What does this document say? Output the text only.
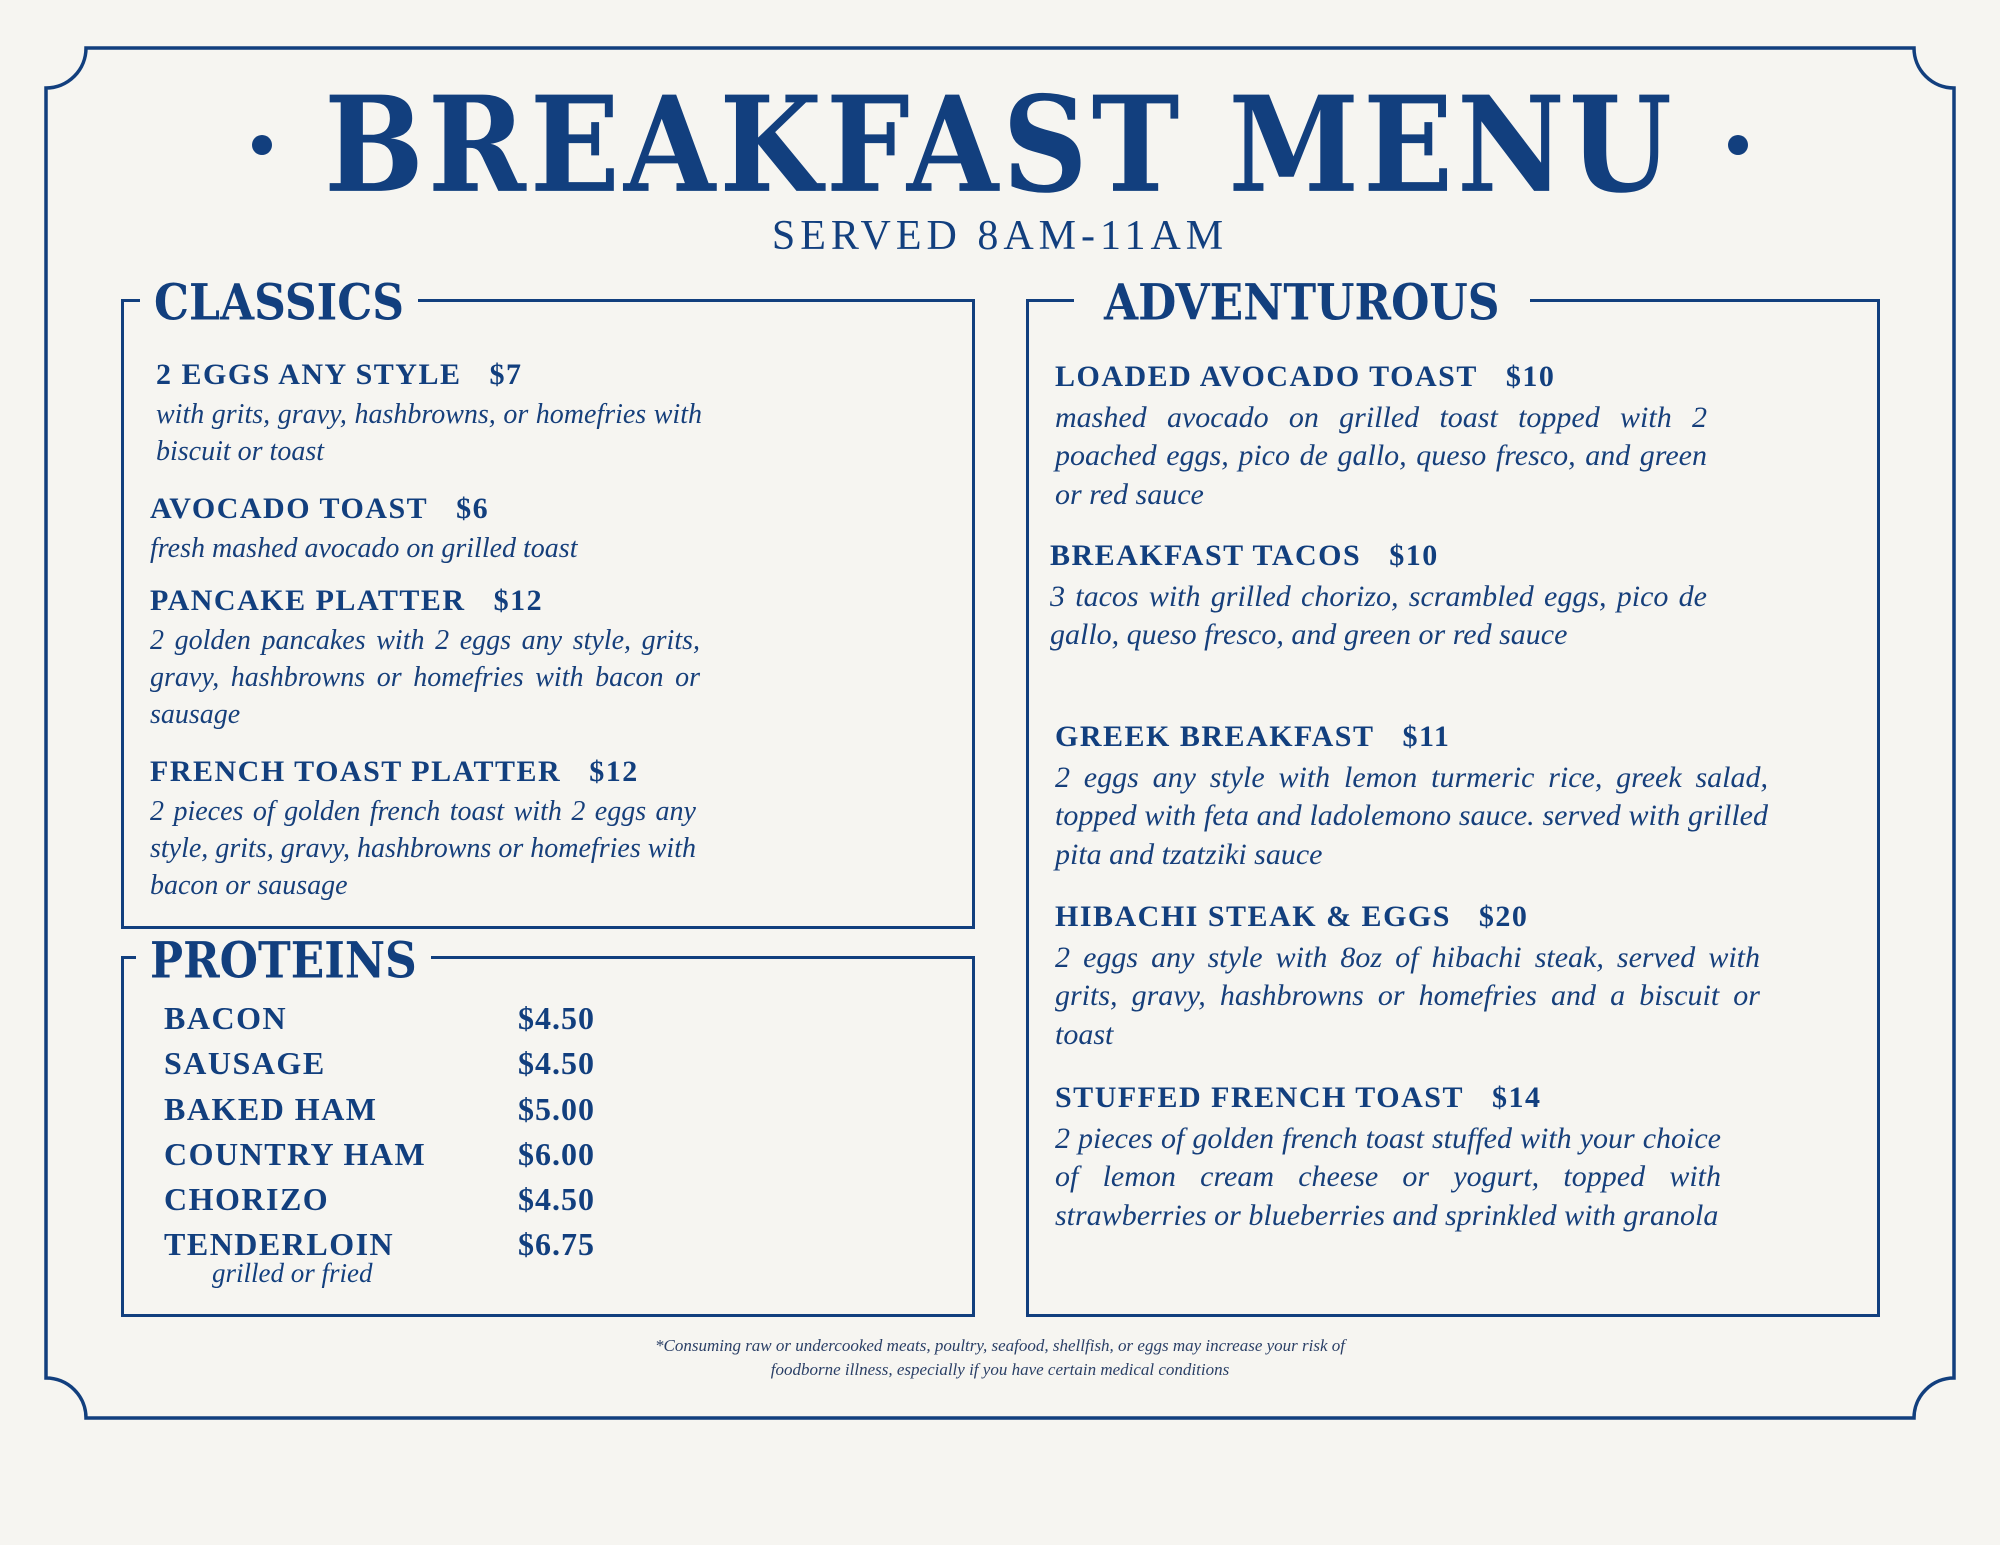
BREAKFAST MENU
SERVED 8AM-11AM
CLASSICS
2 EGGS ANY STYLE $7
with grits, gravy, hashbrowns, or homefries with biscuit or toast
AVOCADO TOAST $6
fresh mashed avocado on grilled toast
PANCAKE PLATTER $12
2 golden pancakes with 2 eggs any style, grits, gravy, hashbrowns or homefries with bacon or sausage
FRENCH TOAST PLATTER $12
2 pieces of golden french toast with 2 eggs any style, grits, gravy, hashbrowns or homefries with bacon or sausage
PROTEINS
BACON	$4.50
SAUSAGE	$4.50
BAKED HAM	$5.00
COUNTRY HAM	$6.00
CHORIZO	$4.50
TENDERLOIN	$6.75
grilled or fried
ADVENTUROUS
LOADED AVOCADO TOAST $10
mashed avocado on grilled toast topped with 2 poached eggs, pico de gallo, queso fresco, and green or red sauce
BREAKFAST TACOS $10
3 tacos with grilled chorizo, scrambled eggs, pico de gallo, queso fresco, and green or red sauce
GREEK BREAKFAST $11
2 eggs any style with lemon turmeric rice, greek salad, topped with feta and ladolemono sauce. served with grilled pita and tzatziki sauce
HIBACHI STEAK & EGGS $20
2 eggs any style with 8oz of hibachi steak, served with grits, gravy, hashbrowns or homefries and a biscuit or toast
STUFFED FRENCH TOAST $14
2 pieces of golden french toast stuffed with your choice of lemon cream cheese or yogurt, topped with strawberries or blueberries and sprinkled with granola
*Consuming raw or undercooked meats, poultry, seafood, shellfish, or eggs may increase your risk of foodborne illness, especially if you have certain medical conditions
